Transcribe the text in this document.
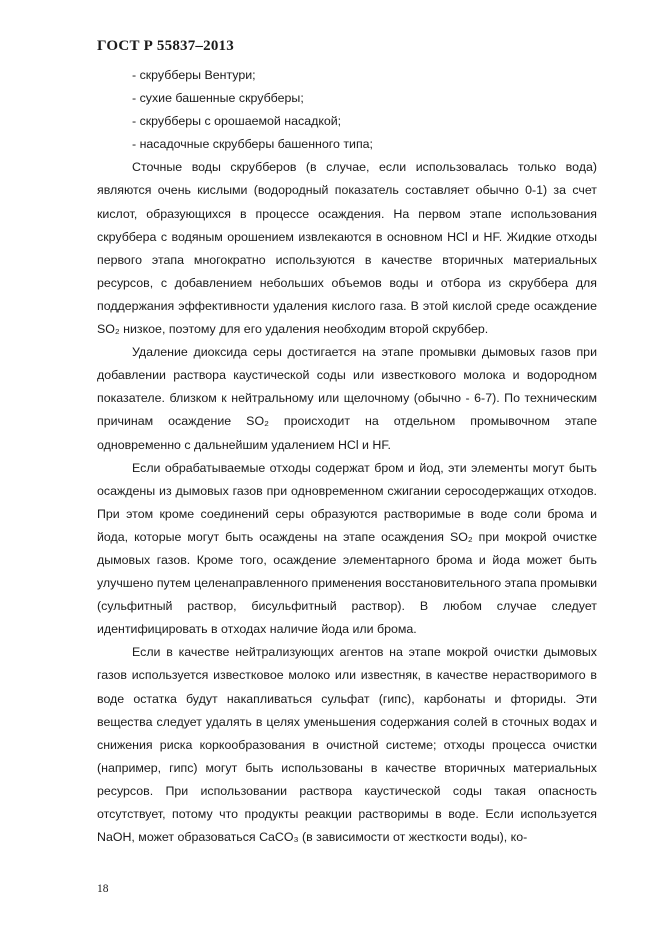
ГОСТ Р 55837–2013

- скрубберы Вентури;

- сухие башенные скрубберы;

- скрубберы с орошаемой насадкой;

- насадочные скрубберы башенного типа;

Сточные воды скрубберов (в случае, если использовалась только вода) являются очень кислыми (водородный показатель составляет обычно 0-1) за счет кислот, образующихся в процессе осаждения. На первом этапе использования скруббера с водяным орошением извлекаются в основном HCl и HF. Жидкие отходы первого этапа многократно используются в качестве вторичных материальных ресурсов, с добавлением небольших объемов воды и отбора из скруббера для поддержания эффективности удаления кислого газа. В этой кислой среде осаждение SO₂ низкое, поэтому для его удаления необходим второй скруббер.

Удаление диоксида серы достигается на этапе промывки дымовых газов при добавлении раствора каустической соды или известкового молока и водородном показателе. близком к нейтральному или щелочному (обычно - 6-7). По техническим причинам осаждение SO₂ происходит на отдельном промывочном этапе одновременно с дальнейшим удалением HCl и HF.

Если обрабатываемые отходы содержат бром и йод, эти элементы могут быть осаждены из дымовых газов при одновременном сжигании серосодержащих отходов. При этом кроме соединений серы образуются растворимые в воде соли брома и йода, которые могут быть осаждены на этапе осаждения SO₂ при мокрой очистке дымовых газов. Кроме того, осаждение элементарного брома и йода может быть улучшено путем целенаправленного применения восстановительного этапа промывки (сульфитный раствор, бисульфитный раствор). В любом случае следует идентифицировать в отходах наличие йода или брома.

Если в качестве нейтрализующих агентов на этапе мокрой очистки дымовых газов используется известковое молоко или известняк, в качестве нерастворимого в воде остатка будут накапливаться сульфат (гипс), карбонаты и фториды. Эти вещества следует удалять в целях уменьшения содержания солей в сточных водах и снижения риска коркообразования в очистной системе; отходы процесса очистки (например, гипс) могут быть использованы в качестве вторичных материальных ресурсов. При использовании раствора каустической соды такая опасность отсутствует, потому что продукты реакции растворимы в воде. Если используется NaOH, может образоваться CaCO₃ (в зависимости от жесткости воды), ко-

18
